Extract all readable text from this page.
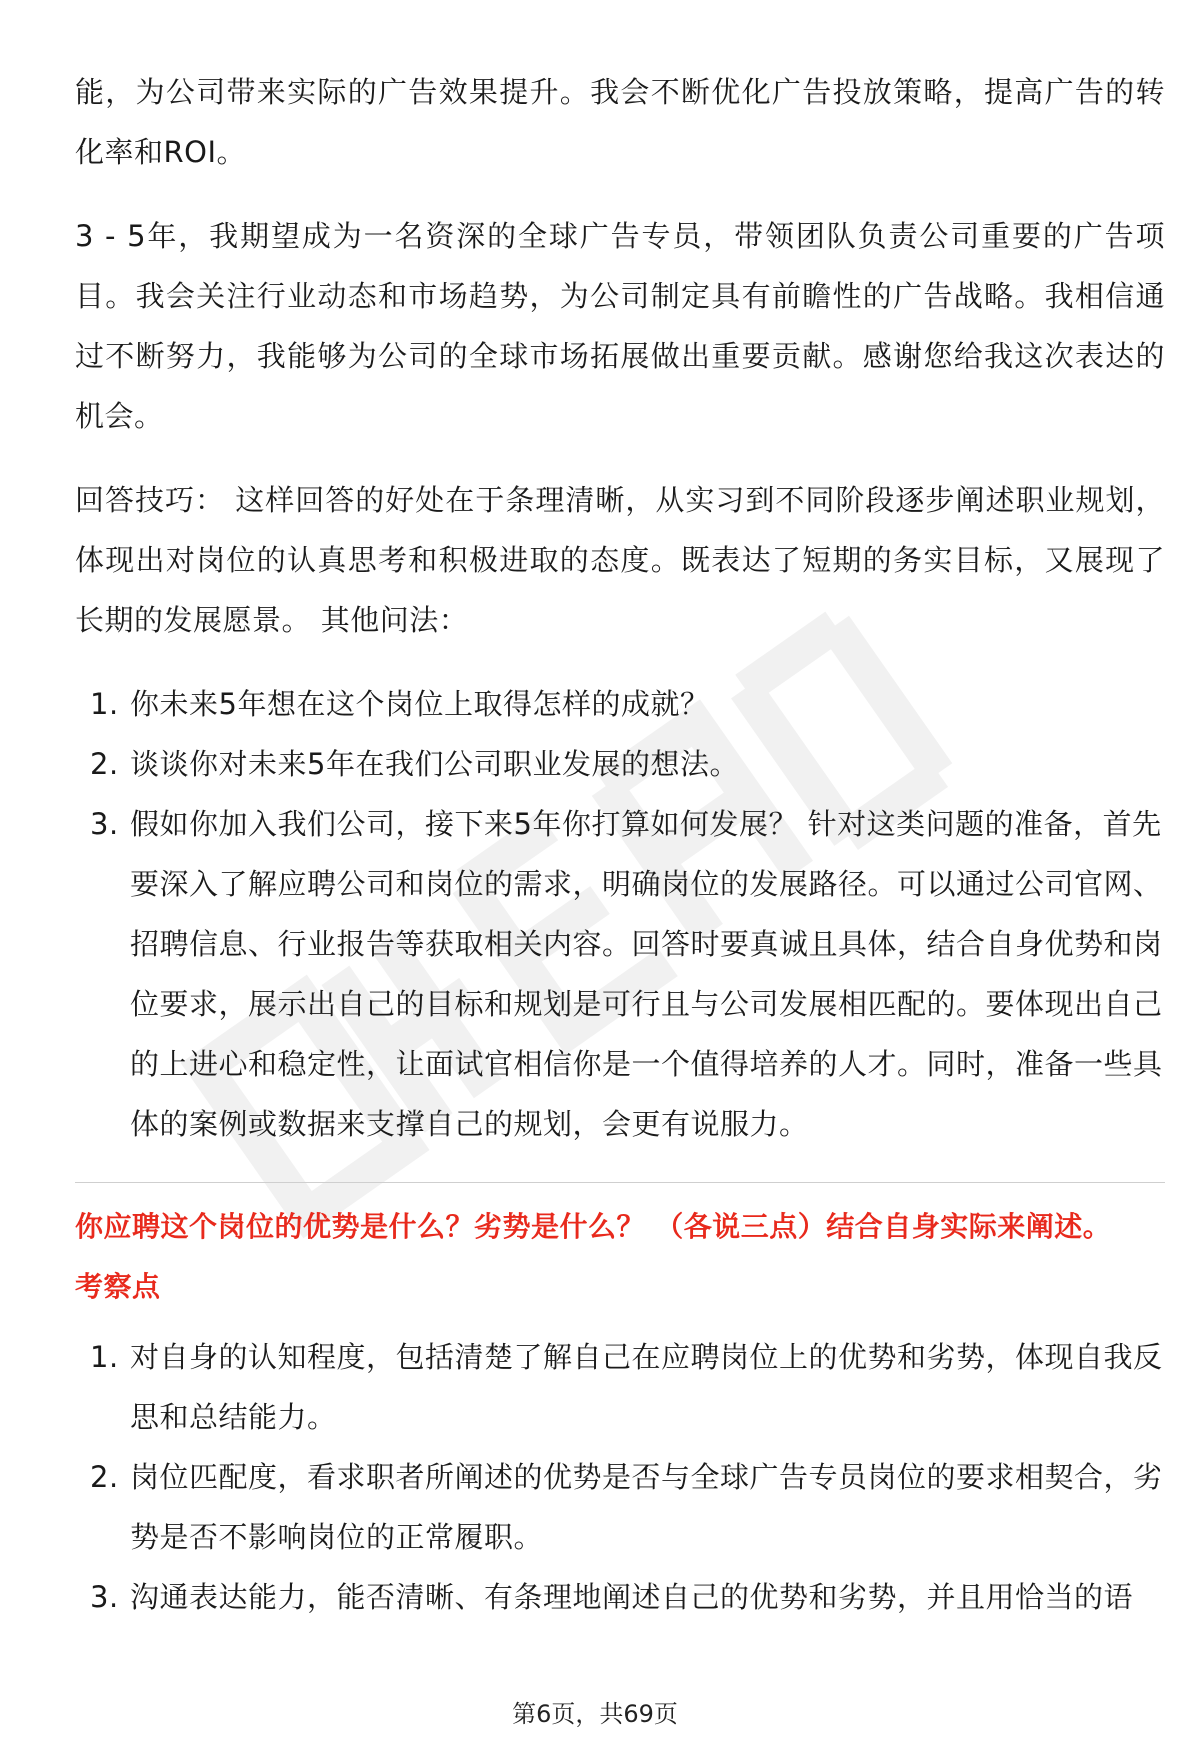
能，为公司带来实际的广告效果提升。我会不断优化广告投放策略，提高广告的转化率和ROI。

3 - 5年，我期望成为一名资深的全球广告专员，带领团队负责公司重要的广告项目。我会关注行业动态和市场趋势，为公司制定具有前瞻性的广告战略。我相信通过不断努力，我能够为公司的全球市场拓展做出重要贡献。感谢您给我这次表达的机会。

回答技巧： 这样回答的好处在于条理清晰，从实习到不同阶段逐步阐述职业规划，体现出对岗位的认真思考和积极进取的态度。既表达了短期的务实目标，又展现了长期的发展愿景。 其他问法：

1. 你未来5年想在这个岗位上取得怎样的成就？
2. 谈谈你对未来5年在我们公司职业发展的想法。
3. 假如你加入我们公司，接下来5年你打算如何发展？ 针对这类问题的准备，首先要深入了解应聘公司和岗位的需求，明确岗位的发展路径。可以通过公司官网、招聘信息、行业报告等获取相关内容。回答时要真诚且具体，结合自身优势和岗位要求，展示出自己的目标和规划是可行且与公司发展相匹配的。要体现出自己的上进心和稳定性，让面试官相信你是一个值得培养的人才。同时，准备一些具体的案例或数据来支撑自己的规划，会更有说服力。

你应聘这个岗位的优势是什么？劣势是什么？ （各说三点）结合自身实际来阐述。

考察点

1. 对自身的认知程度，包括清楚了解自己在应聘岗位上的优势和劣势，体现自我反思和总结能力。
2. 岗位匹配度，看求职者所阐述的优势是否与全球广告专员岗位的要求相契合，劣势是否不影响岗位的正常履职。
3. 沟通表达能力，能否清晰、有条理地阐述自己的优势和劣势，并且用恰当的语
第6页，共69页
